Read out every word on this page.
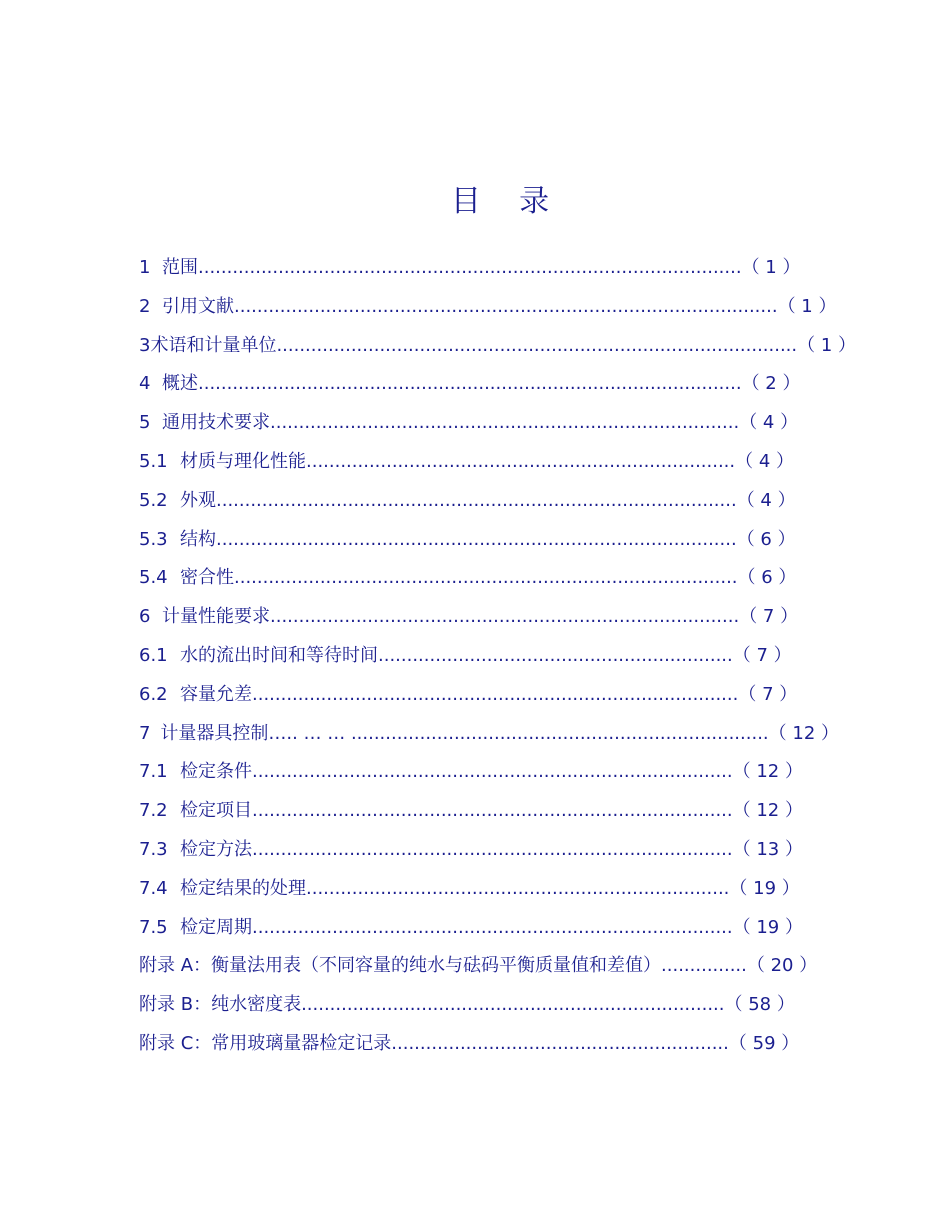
目    录
1 范围 ............................................................................................... （ 1 ）
2 引用文献 ............................................................................................... （ 1 ）
3 术语和计量单位 ........................................................................................... （ 1 ）
4 概述 ............................................................................................... （ 2 ）
5 通用技术要求 .................................................................................. （ 4 ）
5.1 材质与理化性能 ........................................................................... （ 4 ）
5.2 外观 ........................................................................................... （ 4 ）
5.3 结构 ........................................................................................... （ 6 ）
5.4 密合性 ........................................................................................ （ 6 ）
6 计量性能要求 .................................................................................. （ 7 ）
6.1 水的流出时间和等待时间 .............................................................. （ 7 ）
6.2 容量允差 ..................................................................................... （ 7 ）
7 计量器具控制 ….. … … ......................................................................... （ 12 ）
7.1 检定条件 .................................................................................... （ 12 ）
7.2 检定项目 .................................................................................... （ 12 ）
7.3 检定方法 .................................................................................... （ 13 ）
7.4 检定结果的处理 .......................................................................... （ 19 ）
7.5 检定周期 .................................................................................... （ 19 ）
附录 A：衡量法用表（不同容量的纯水与砝码平衡质量值和差值） ............... （ 20 ）
附录 B：纯水密度表 .......................................................................... （ 58 ）
附录 C：常用玻璃量器检定记录 ........................................................... （ 59 ）
